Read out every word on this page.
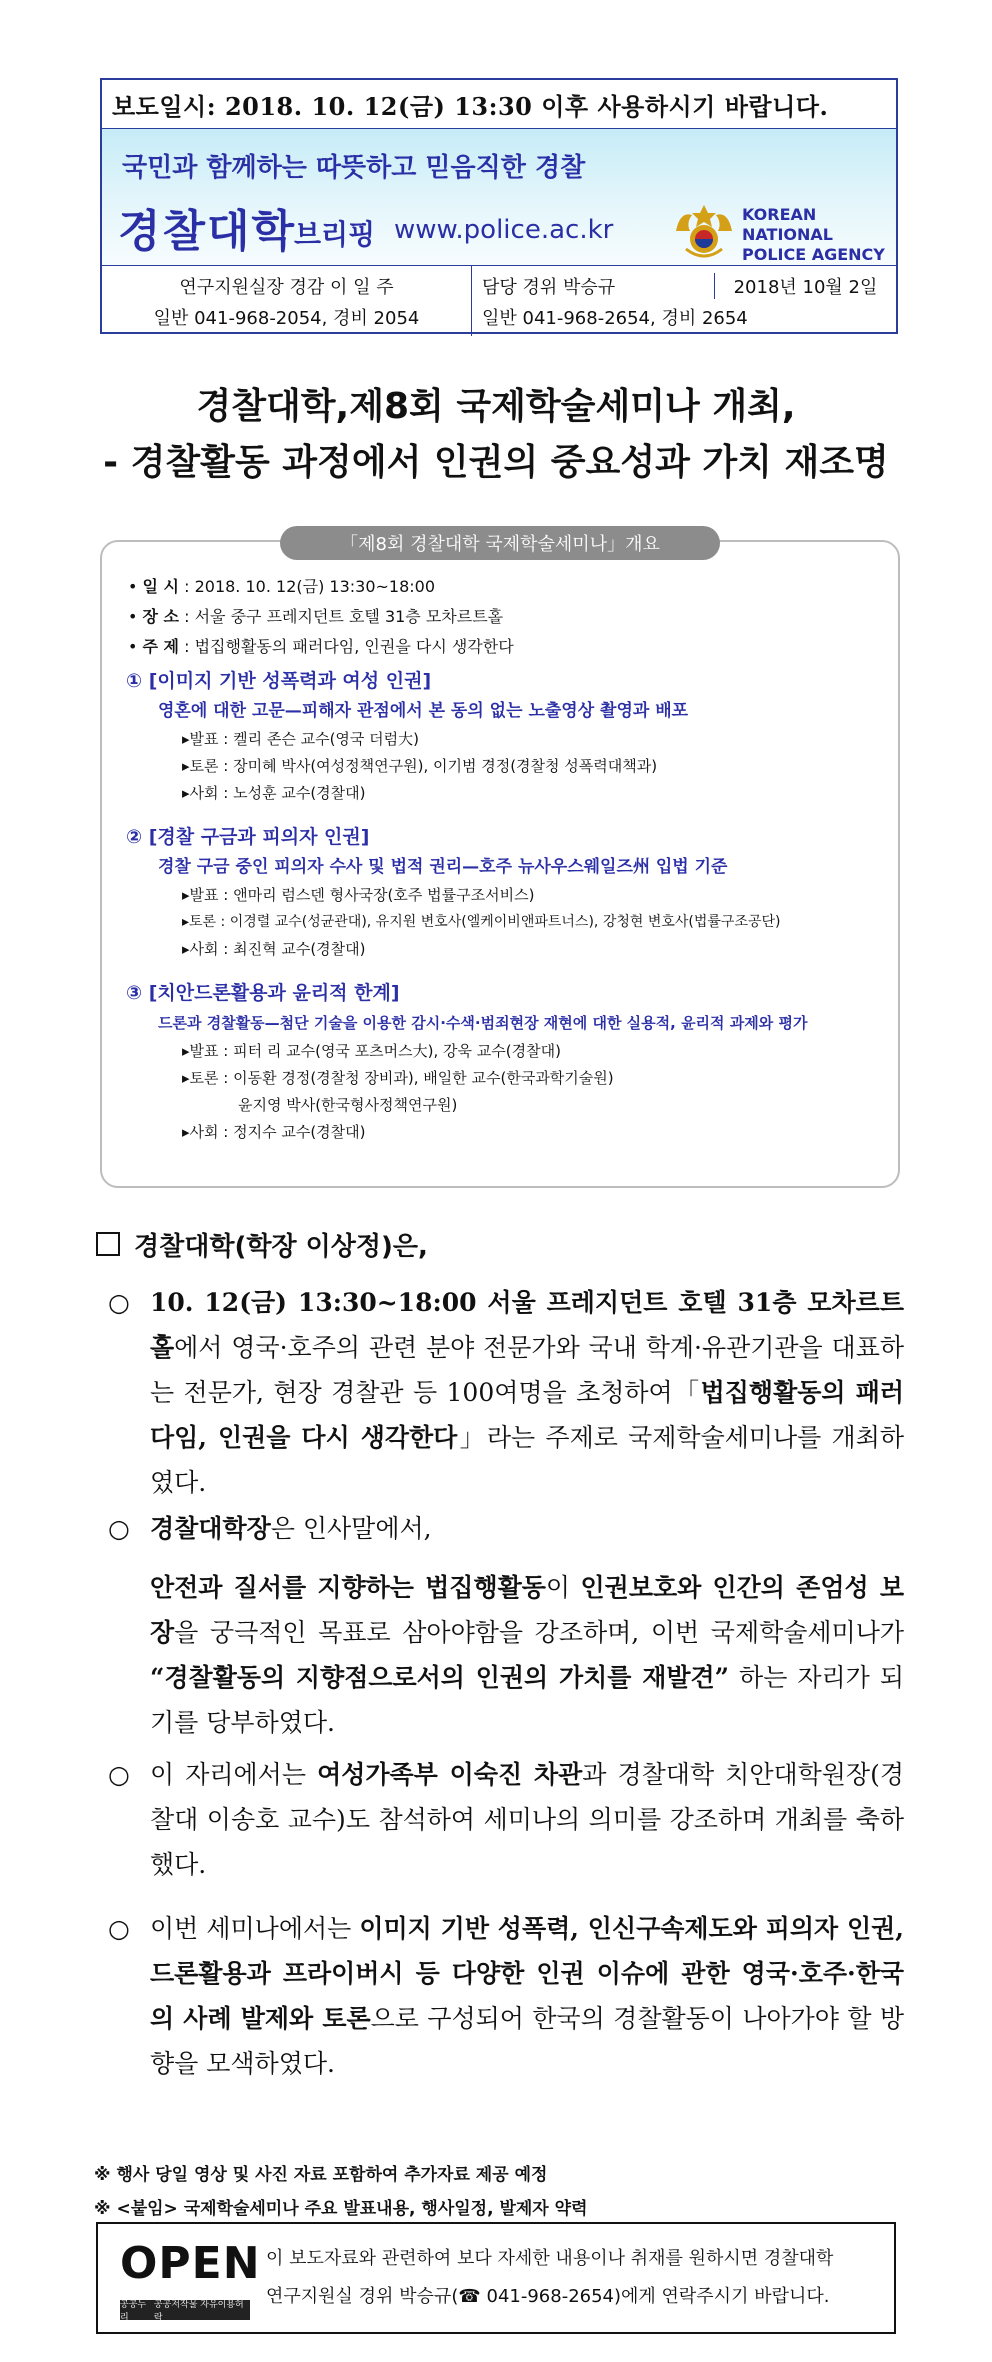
보도일시: 2018. 10. 12(금) 13:30 이후 사용하시기 바랍니다.
국민과 함께하는 따뜻하고 믿음직한 경찰
경찰대학
브리핑 www.police.ac.kr
KOREAN NATIONAL
POLICE AGENCY
연구지원실장 경감 이 일 주
일반 041-968-2054, 경비 2054
담당 경위 박승규	2018년 10월 2일
일반 041-968-2654, 경비 2654
경찰대학,제8회 국제학술세미나 개최,
- 경찰활동 과정에서 인권의 중요성과 가치 재조명
「제8회 경찰대학 국제학술세미나」개요
• 일 시 : 2018. 10. 12(금) 13:30~18:00
• 장 소 : 서울 중구 프레지던트 호텔 31층 모차르트홀
• 주 제 : 법집행활동의 패러다임, 인권을 다시 생각한다
① [이미지 기반 성폭력과 여성 인권]
영혼에 대한 고문—피해자 관점에서 본 동의 없는 노출영상 촬영과 배포
▸발표 : 켈리 존슨 교수(영국 더럼大)
▸토론 : 장미혜 박사(여성정책연구원), 이기범 경정(경찰청 성폭력대책과)
▸사회 : 노성훈 교수(경찰대)
② [경찰 구금과 피의자 인권]
경찰 구금 중인 피의자 수사 및 법적 권리—호주 뉴사우스웨일즈州 입법 기준
▸발표 : 앤마리 럼스덴 형사국장(호주 법률구조서비스)
▸토론 : 이경렬 교수(성균관대), 유지원 변호사(엘케이비앤파트너스), 강청현 변호사(법률구조공단)
▸사회 : 최진혁 교수(경찰대)
③ [치안드론활용과 윤리적 한계]
드론과 경찰활동—첨단 기술을 이용한 감시·수색·범죄현장 재현에 대한 실용적, 윤리적 과제와 평가
▸발표 : 피터 리 교수(영국 포츠머스大), 강욱 교수(경찰대)
▸토론 : 이동환 경정(경찰청 장비과), 배일한 교수(한국과학기술원)
윤지영 박사(한국형사정책연구원)
▸사회 : 정지수 교수(경찰대)
경찰대학(학장 이상정)은,
○ 10. 12(금) 13:30~18:00 서울 프레지던트 호텔 31층 모차르트홀에서 영국·호주의 관련 분야 전문가와 국내 학계·유관기관을 대표하는 전문가, 현장 경찰관 등 100여명을 초청하여「법집행활동의 패러다임, 인권을 다시 생각한다」라는 주제로 국제학술세미나를 개최하였다.
○ 경찰대학장은 인사말에서,
안전과 질서를 지향하는 법집행활동이 인권보호와 인간의 존엄성 보장을 궁극적인 목표로 삼아야함을 강조하며, 이번 국제학술세미나가 “경찰활동의 지향점으로서의 인권의 가치를 재발견” 하는 자리가 되기를 당부하였다.
○ 이 자리에서는 여성가족부 이숙진 차관과 경찰대학 치안대학원장(경찰대 이송호 교수)도 참석하여 세미나의 의미를 강조하며 개최를 축하했다.
○ 이번 세미나에서는 이미지 기반 성폭력, 인신구속제도와 피의자 인권, 드론활용과 프라이버시 등 다양한 인권 이슈에 관한 영국·호주·한국의 사례 발제와 토론으로 구성되어 한국의 경찰활동이 나아가야 할 방향을 모색하였다.
※ 행사 당일 영상 및 사진 자료 포함하여 추가자료 제공 예정
※ <붙임> 국제학술세미나 주요 발표내용, 행사일정, 발제자 약력
OPEN
공공누리
공공저작물 자유이용허락
이 보도자료와 관련하여 보다 자세한 내용이나 취재를 원하시면 경찰대학
연구지원실 경위 박승규(☎ 041-968-2654)에게 연락주시기 바랍니다.
